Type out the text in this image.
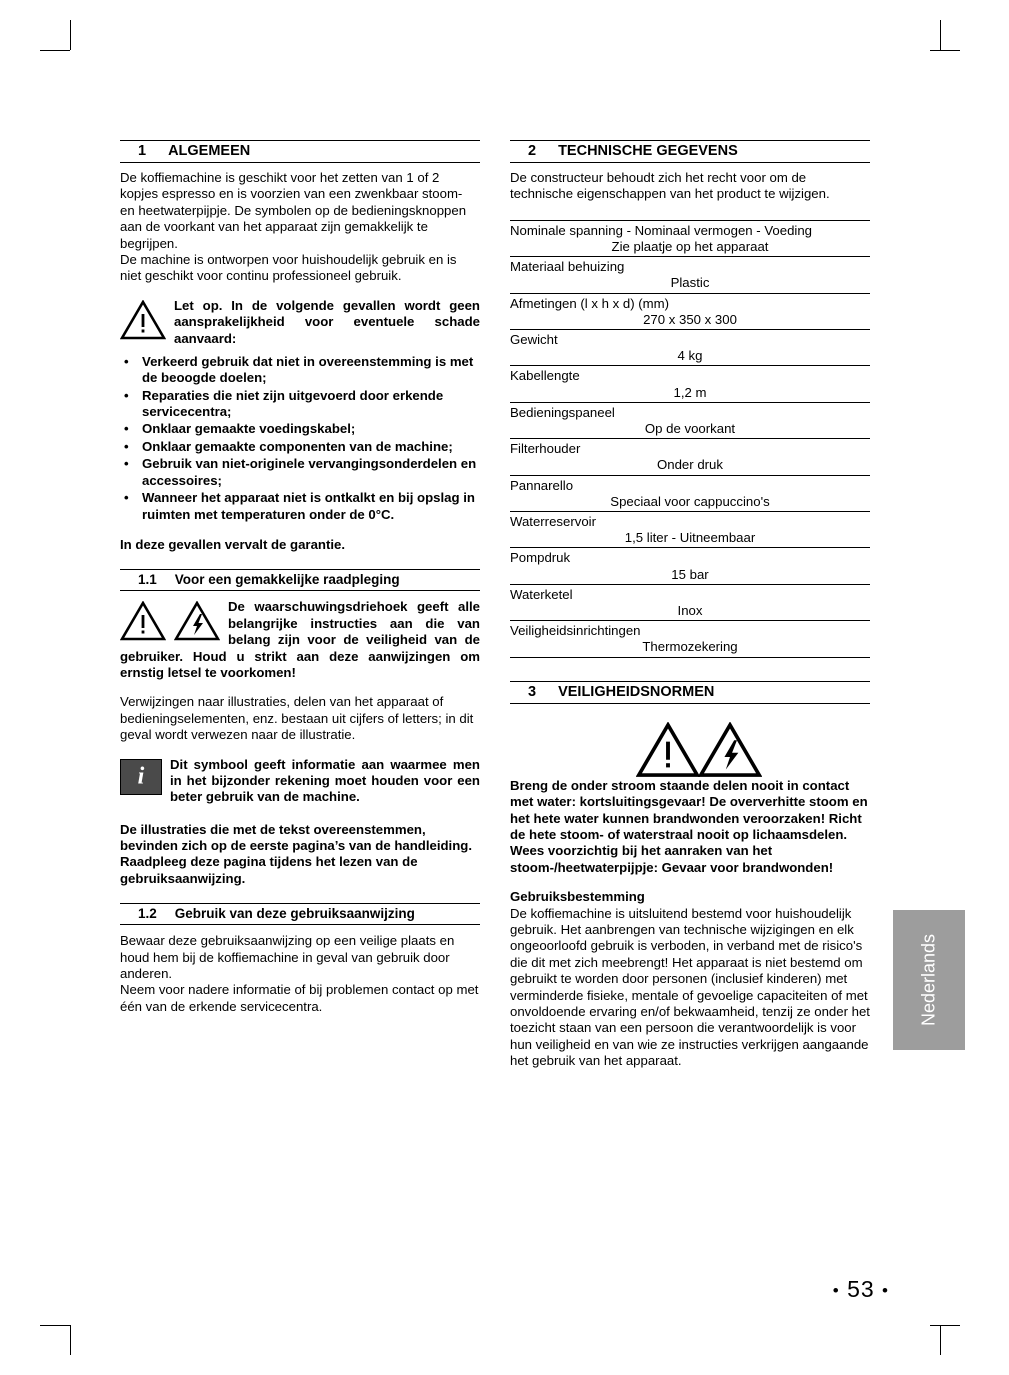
1 ALGEMEEN

De koffiemachine is geschikt voor het zetten van 1 of 2 kopjes espresso en is voorzien van een zwenkbaar stoom- en heetwaterpijpje. De symbolen op de bedieningsknoppen aan de voorkant van het apparaat zijn gemakkelijk te begrijpen.

De machine is ontworpen voor huishoudelijk gebruik en is niet geschikt voor continu professioneel gebruik.

Let op. In de volgende gevallen wordt geen aansprakelijkheid voor eventuele schade aanvaard:
• Verkeerd gebruik dat niet in overeenstemming is met de beoogde doelen;
• Reparaties die niet zijn uitgevoerd door erkende servicecentra;
• Onklaar gemaakte voedingskabel;
• Onklaar gemaakte componenten van de machine;
• Gebruik van niet-originele vervangingsonderdelen en accessoires;
• Wanneer het apparaat niet is ontkalkt en bij opslag in ruimten met temperaturen onder de 0°C.

In deze gevallen vervalt de garantie.

1.1 Voor een gemakkelijke raadpleging
De waarschuwingsdriehoek geeft alle belangrijke instructies aan die van belang zijn voor de veiligheid van de gebruiker. Houd u strikt aan deze aanwijzingen om ernstig letsel te voorkomen!

Verwijzingen naar illustraties, delen van het apparaat of bedieningselementen, enz. bestaan uit cijfers of letters; in dit geval wordt verwezen naar de illustratie.

i	Dit symbool geeft informatie aan waarmee men in het bijzonder rekening moet houden voor een beter gebruik van de machine.

De illustraties die met de tekst overeenstemmen, bevinden zich op de eerste pagina’s van de handleiding. Raadpleeg deze pagina tijdens het lezen van de gebruiksaanwijzing.

1.2 Gebruik van deze gebruiksaanwijzing

Bewaar deze gebruiksaanwijzing op een veilige plaats en houd hem bij de koffiemachine in geval van gebruik door anderen.

Neem voor nadere informatie of bij problemen contact op met één van de erkende servicecentra.

2 TECHNISCHE GEGEVENS

De constructeur behoudt zich het recht voor om de technische eigenschappen van het product te wijzigen.

Nominale spanning - Nominaal vermogen - Voeding
Zie plaatje op het apparaat
Materiaal behuizing
Plastic
Afmetingen (l x h x d) (mm)
270 x 350 x 300
Gewicht
4 kg
Kabellengte
1,2 m
Bedieningspaneel
Op de voorkant
Filterhouder
Onder druk
Pannarello
Speciaal voor cappuccino's
Waterreservoir
1,5 liter - Uitneembaar
Pompdruk
15 bar
Waterketel
Inox
Veiligheidsinrichtingen
Thermozekering
3 VEILIGHEIDSNORMEN

Breng de onder stroom staande delen nooit in contact met water: kortsluitingsgevaar! De oververhitte stoom en het hete water kunnen brandwonden veroorzaken! Richt de hete stoom- of waterstraal nooit op lichaamsdelen. Wees voorzichtig bij het aanraken van het stoom-/heetwaterpijpje: Gevaar voor brandwonden!

Gebruiksbestemming

De koffiemachine is uitsluitend bestemd voor huishoudelijk gebruik. Het aanbrengen van technische wijzigingen en elk ongeoorloofd gebruik is verboden, in verband met de risico's die dit met zich meebrengt! Het apparaat is niet bestemd om gebruikt te worden door personen (inclusief kinderen) met verminderde fisieke, mentale of gevoelige capaciteiten of met onvoldoende ervaring en/of bekwaamheid, tenzij ze onder het toezicht staan van een persoon die verantwoordelijk is voor hun veiligheid en van wie ze instructies verkrijgen aangaande het gebruik van het apparaat.

Nederlands
• 53 •
